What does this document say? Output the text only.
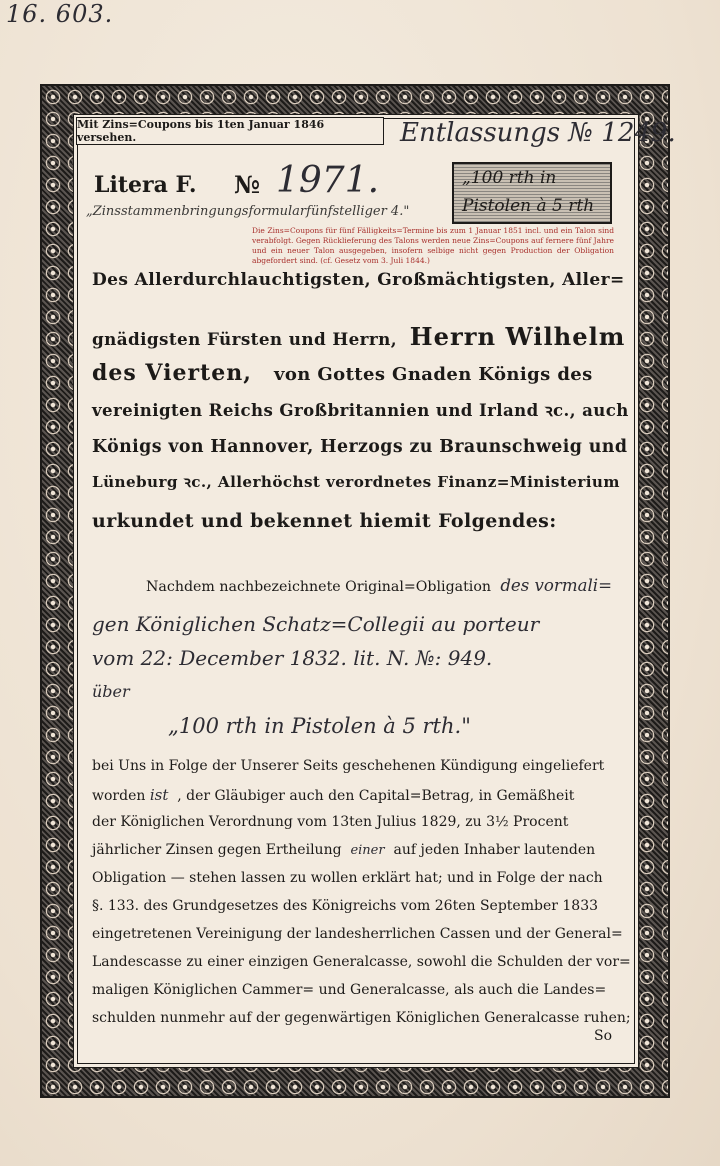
16. 603.
Mit Zins=Coupons bis 1ten Januar 1846 versehen.	Entlassungs № 1249.
Litera F. № 1971.	„100 rth in
Pistolen à 5 rth
„Zinsstammenbringungsformularfünfstelliger 4."
Die Zins=Coupons für fünf Fälligkeits=Termine bis zum 1 Januar 1851 incl. und ein Talon sind verabfolgt. Gegen Rücklieferung des Talons werden neue Zins=Coupons auf fernere fünf Jahre und ein neuer Talon ausgegeben, insofern selbige nicht gegen Production der Obligation abgefordert sind. (cf. Gesetz vom 3. Juli 1844.)
Des Allerdurchlauchtigsten, Großmächtigsten, Aller=
gnädigsten Fürsten und Herrn, Herrn Wilhelm
des Vierten, von Gottes Gnaden Königs des
vereinigten Reichs Großbritannien und Irland ꝛc., auch
Königs von Hannover, Herzogs zu Braunschweig und
Lüneburg ꝛc., Allerhöchst verordnetes Finanz=Ministerium
urkundet und bekennet hiemit Folgendes:
Nachdem nachbezeichnete Original=Obligation des vormali=
gen Königlichen Schatz=Collegii au porteur
vom 22: December 1832. lit. N. №: 949.
über
„100 rth in Pistolen à 5 rth."
bei Uns in Folge der Unserer Seits geschehenen Kündigung eingeliefert
worden ist , der Gläubiger auch den Capital=Betrag, in Gemäßheit
der Königlichen Verordnung vom 13ten Julius 1829, zu 3½ Procent
jährlicher Zinsen gegen Ertheilung einer auf jeden Inhaber lautenden
Obligation — stehen lassen zu wollen erklärt hat; und in Folge der nach
§. 133. des Grundgesetzes des Königreichs vom 26ten September 1833
eingetretenen Vereinigung der landesherrlichen Cassen und der General=
Landescasse zu einer einzigen Generalcasse, sowohl die Schulden der vor=
maligen Königlichen Cammer= und Generalcasse, als auch die Landes=
schulden nunmehr auf der gegenwärtigen Königlichen Generalcasse ruhen;
So
